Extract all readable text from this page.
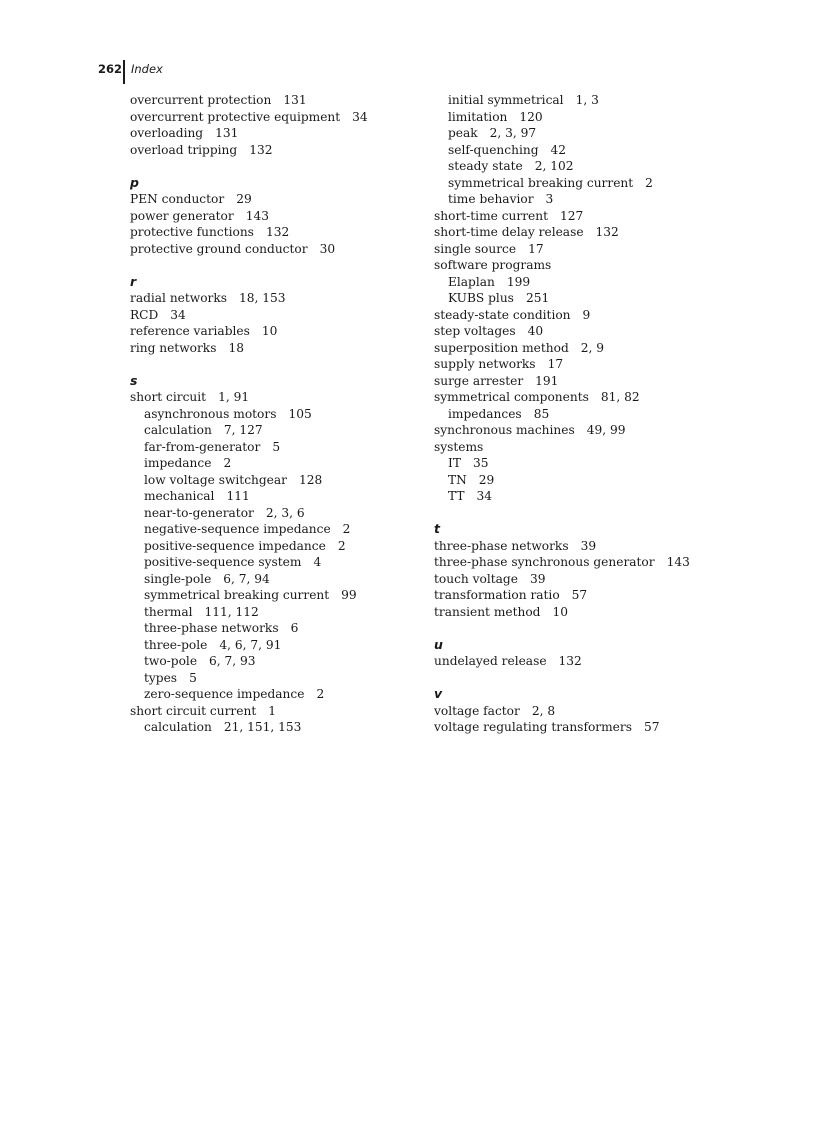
262 Index
overcurrent protection 131
overcurrent protective equipment 34
overloading 131
overload tripping 132
p
PEN conductor 29
power generator 143
protective functions 132
protective ground conductor 30
r
radial networks 18, 153
RCD 34
reference variables 10
ring networks 18
s
short circuit 1, 91
asynchronous motors 105
calculation 7, 127
far-from-generator 5
impedance 2
low voltage switchgear 128
mechanical 111
near-to-generator 2, 3, 6
negative-sequence impedance 2
positive-sequence impedance 2
positive-sequence system 4
single-pole 6, 7, 94
symmetrical breaking current 99
thermal 111, 112
three-phase networks 6
three-pole 4, 6, 7, 91
two-pole 6, 7, 93
types 5
zero-sequence impedance 2
short circuit current 1
calculation 21, 151, 153
initial symmetrical 1, 3
limitation 120
peak 2, 3, 97
self-quenching 42
steady state 2, 102
symmetrical breaking current 2
time behavior 3
short-time current 127
short-time delay release 132
single source 17
software programs
Elaplan 199
KUBS plus 251
steady-state condition 9
step voltages 40
superposition method 2, 9
supply networks 17
surge arrester 191
symmetrical components 81, 82
impedances 85
synchronous machines 49, 99
systems
IT 35
TN 29
TT 34
t
three-phase networks 39
three-phase synchronous generator 143
touch voltage 39
transformation ratio 57
transient method 10
u
undelayed release 132
v
voltage factor 2, 8
voltage regulating transformers 57
